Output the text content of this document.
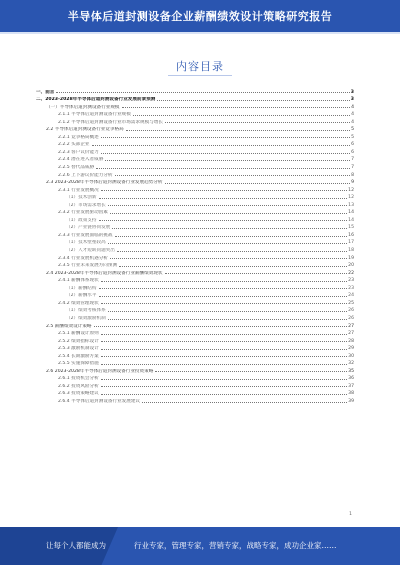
半导体后道封测设备企业薪酬绩效设计策略研究报告
内容目录
一、前言	3
二、2023-2028年半导体后道封测设备行业发展前景预测	3
（一）半导体后道封测设备行业规模	4
2.1.1 半导体后道封测设备行业规模	4
2.1.2 半导体后道封测设备行业市场需求规模与增长	4
2.2 半导体后道封测设备行业竞争格局	5
2.2.1 竞争格局概述	5
2.2.2 头部企业	6
2.2.3 客户议价能力	6
2.2.4 潜在进入者威胁	7
2.2.5 替代品威胁	7
2.2.6 上下游议价能力分析	8
2.3 2023-2028年半导体后道封测设备行业发展趋势分析	9
2.3.1 行业发展概况	12
（1）技术创新	12
（2）市场需求增长	13
2.3.2 行业发展驱动因素	14
（1）政策支持	14
（2）产业链协同发展	15
2.3.3 行业发展面临的挑战	16
（1）技术壁垒较高	17
（2）人才短缺问题突出	18
2.3.4 行业发展机遇分析	19
2.3.5 行业未来发展方向预测	20
2.4 2023-2028年半导体后道封测设备行业薪酬绩效现状	22
2.4.1 薪酬体系现状	23
（1）薪酬结构	23
（2）薪酬水平	24
2.4.2 绩效管理现状	25
（1）绩效考核体系	26
（2）绩效激励机制	26
2.5 薪酬绩效设计策略	27
2.5.1 薪酬设计原则	27
2.5.2 绩效指标设计	28
2.5.3 激励机制设计	29
2.5.4 长期激励方案	30
2.5.5 实施保障措施	32
2.6 2023-2028年半导体后道封测设备行业投资策略	35
2.6.1 投资机会分析	36
2.6.2 投资风险分析	37
2.6.3 投资策略建议	38
2.6.4 半导体后道封测设备行业发展建议	39
1
让每个人都能成为	行业专家，管理专家，营销专家，战略专家，成功企业家……
